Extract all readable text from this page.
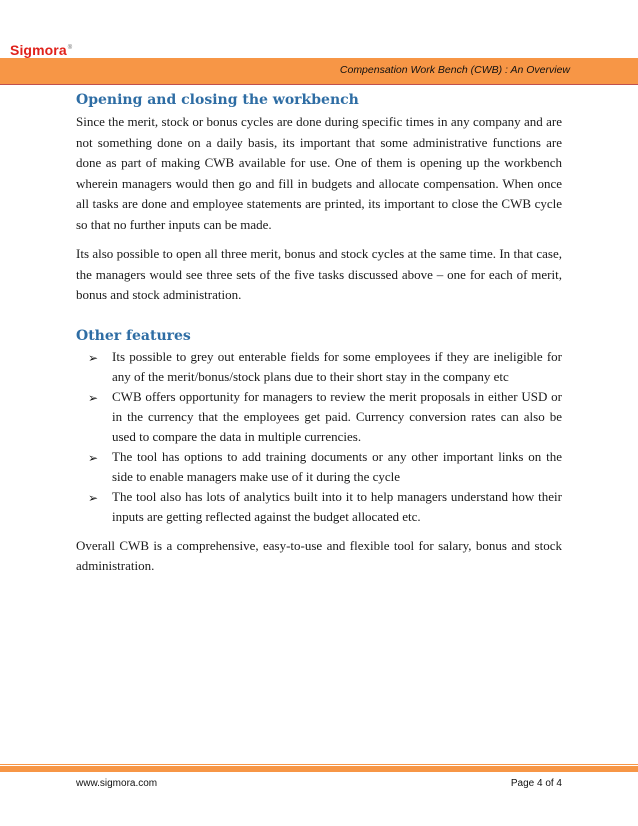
Sigmora®
Compensation Work Bench (CWB) : An Overview
Opening and closing the workbench

Since the merit, stock or bonus cycles are done during specific times in any company and are not something done on a daily basis, its important that some administrative functions are done as part of making CWB available for use. One of them is opening up the workbench wherein managers would then go and fill in budgets and allocate compensation. When once all tasks are done and employee statements are printed, its important to close the CWB cycle so that no further inputs can be made.

Its also possible to open all three merit, bonus and stock cycles at the same time. In that case, the managers would see three sets of the five tasks discussed above – one for each of merit, bonus and stock administration.

Other features
➢ Its possible to grey out enterable fields for some employees if they are ineligible for any of the merit/bonus/stock plans due to their short stay in the company etc
➢ CWB offers opportunity for managers to review the merit proposals in either USD or in the currency that the employees get paid. Currency conversion rates can also be used to compare the data in multiple currencies.
➢ The tool has options to add training documents or any other important links on the side to enable managers make use of it during the cycle
➢ The tool also has lots of analytics built into it to help managers understand how their inputs are getting reflected against the budget allocated etc.

Overall CWB is a comprehensive, easy-to-use and flexible tool for salary, bonus and stock administration.

www.sigmora.com	Page 4 of 4
